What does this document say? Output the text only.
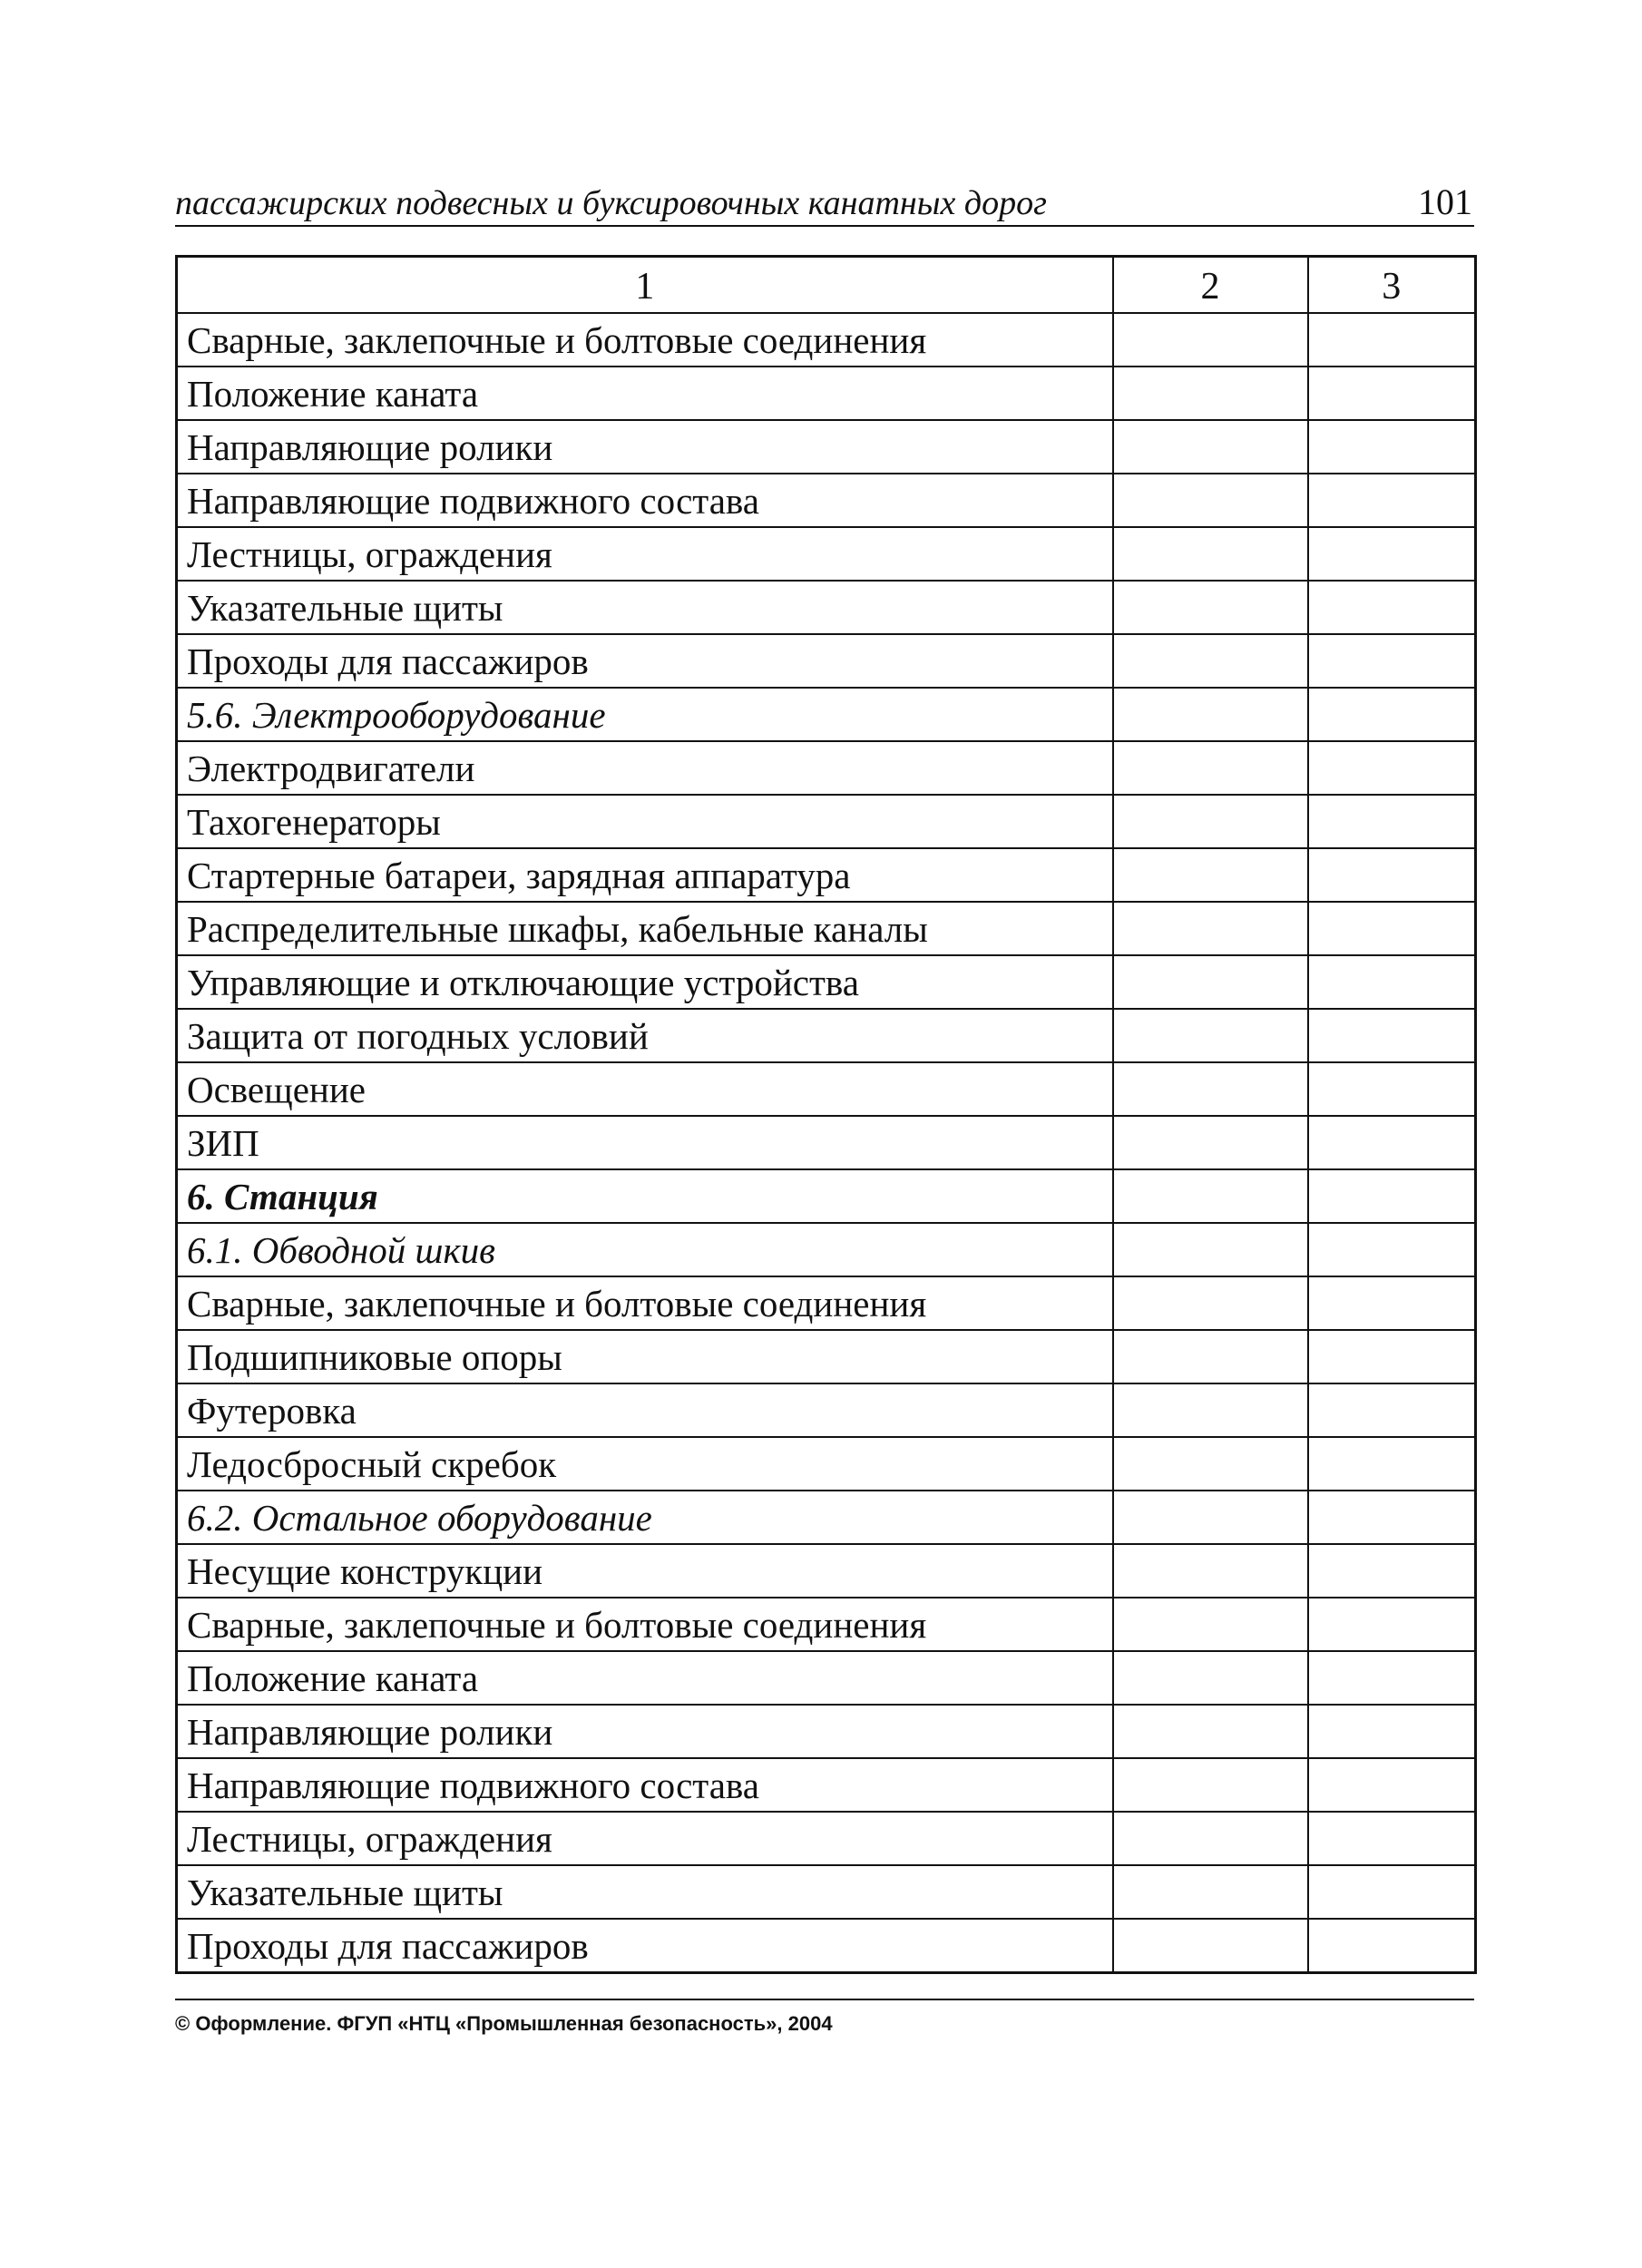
пассажирских подвесных и буксировочных канатных дорог	101
1	2	3
Сварные, заклепочные и болтовые соединения		
Положение каната		
Направляющие ролики		
Направляющие подвижного состава		
Лестницы, ограждения		
Указательные щиты		
Проходы для пассажиров		
5.6. Электрооборудование		
Электродвигатели		
Тахогенераторы		
Стартерные батареи, зарядная аппаратура		
Распределительные шкафы, кабельные каналы		
Управляющие и отключающие устройства		
Защита от погодных условий		
Освещение		
ЗИП		
6. Станция		
6.1. Обводной шкив		
Сварные, заклепочные и болтовые соединения		
Подшипниковые опоры		
Футеровка		
Ледосбросный скребок		
6.2. Остальное оборудование		
Несущие конструкции		
Сварные, заклепочные и болтовые соединения		
Положение каната		
Направляющие ролики		
Направляющие подвижного состава		
Лестницы, ограждения		
Указательные щиты		
Проходы для пассажиров		
© Оформление. ФГУП «НТЦ «Промышленная безопасность», 2004
